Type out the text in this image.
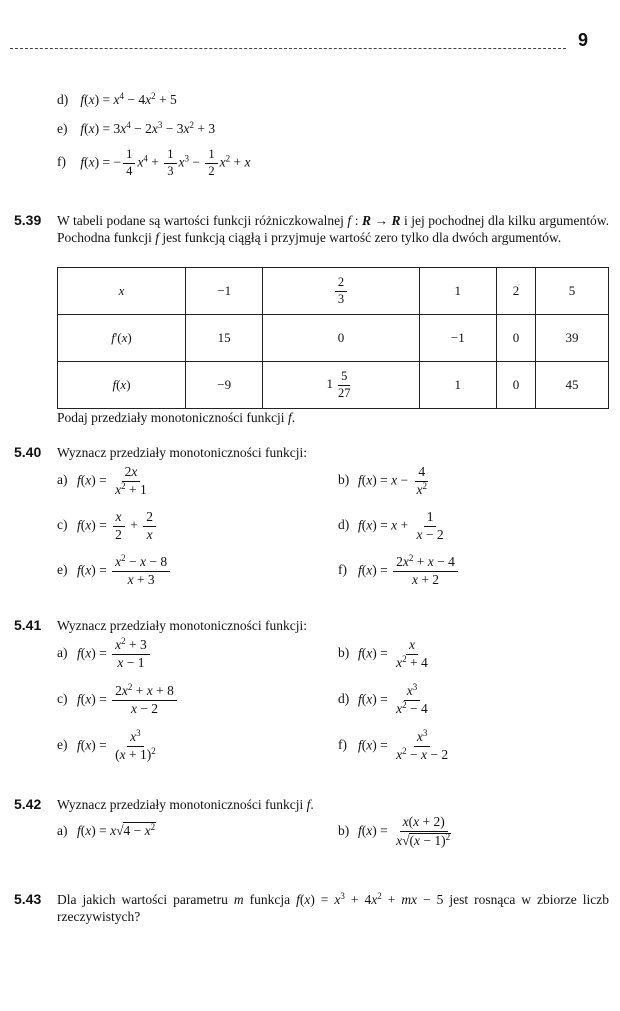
9
d) $f(x) = x^4 - 4x^2 + 5$
e) $f(x) = 3x^4 - 2x^3 - 3x^2 + 3$
f) f(x) = − $\frac{1}{4} x^4 + \frac{1}{3} x^3 - \frac{1}{2} x^2 + x$
5.39 W tabeli podane są wartości funkcji różniczkowalnej f : R → R i jej pochodnej dla kilku argumentów. Pochodna funkcji f jest funkcją ciągłą i przyjmuje wartość zero tylko dla dwóch argumentów.
x	−1	$\frac{2}{3}$	1	2	5
f'(x)	15	0	−1	0	39
f(x)	−9	$1 \frac{5}{27}$	1	0	45
Podaj przedziały monotoniczności funkcji f.
5.40 Wyznacz przedziały monotoniczności funkcji:
a) $f(x) = \frac{2x}{x^2 + 1}$	b) $f(x) = x - \frac{4}{x^2}$
c) $f(x) = \frac{x}{2} + \frac{2}{x}$	d) $f(x) = x + \frac{1}{x - 2}$
e) $f(x) = \frac{x^2 - x - 8}{x + 3}$	f) $f(x) = \frac{2x^2 + x - 4}{x + 2}$
5.41 Wyznacz przedziały monotoniczności funkcji:
a) $f(x) = \frac{x^2 + 3}{x - 1}$	b) $f(x) = \frac{x}{x^2 + 4}$
c) $f(x) = \frac{2x^2 + x + 8}{x - 2}$	d) $f(x) = \frac{x^3}{x^2 - 4}$
e) $f(x) = \frac{x^3}{(x + 1)^2}$	f) $f(x) = \frac{x^3}{x^2 - x - 2}$
5.42 Wyznacz przedziały monotoniczności funkcji f.
a) $f(x) = x√4 - x^2$	b) $f(x) = \frac{x(x + 2)}{x√(x - 1)^2}$
5.43 Dla jakich wartości parametru m funkcja $f(x) = x^3 + 4x^2$ + mx − 5 jest rosnąca w zbiorze liczb rzeczywistych?
